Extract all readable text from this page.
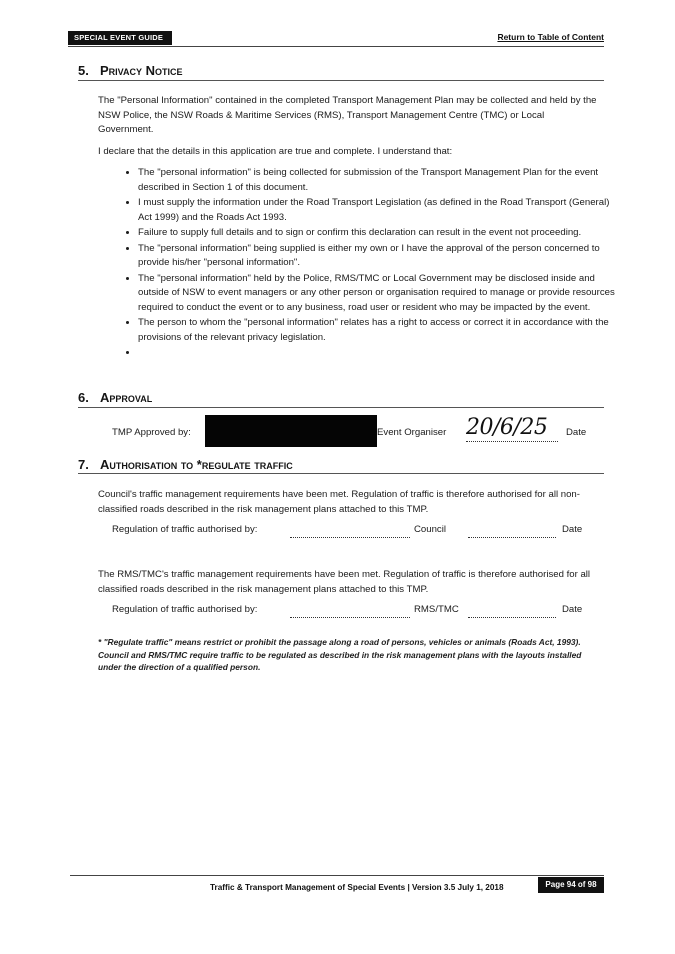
SPECIAL EVENT GUIDE	Return to Table of Content
5. Privacy Notice
The "Personal Information" contained in the completed Transport Management Plan may be collected and held by the NSW Police, the NSW Roads & Maritime Services (RMS), Transport Management Centre (TMC) or Local Government.
I declare that the details in this application are true and complete. I understand that:
• The "personal information" is being collected for submission of the Transport Management Plan for the event described in Section 1 of this document.
• I must supply the information under the Road Transport Legislation (as defined in the Road Transport (General) Act 1999) and the Roads Act 1993.
• Failure to supply full details and to sign or confirm this declaration can result in the event not proceeding.
• The "personal information" being supplied is either my own or I have the approval of the person concerned to provide his/her "personal information".
• The "personal information" held by the Police, RMS/TMC or Local Government may be disclosed inside and outside of NSW to event managers or any other person or organisation required to manage or provide resources required to conduct the event or to any business, road user or resident who may be impacted by the event.
• The person to whom the "personal information" relates has a right to access or correct it in accordance with the provisions of the relevant privacy legislation.
•
6. Approval
TMP Approved by:	Event Organiser 20/6/25 Date
7. Authorisation to *regulate traffic
Council's traffic management requirements have been met. Regulation of traffic is therefore authorised for all non-classified roads described in the risk management plans attached to this TMP.
Regulation of traffic authorised by:	Council	Date
The RMS/TMC's traffic management requirements have been met. Regulation of traffic is therefore authorised for all classified roads described in the risk management plans attached to this TMP.
Regulation of traffic authorised by:	RMS/TMC	Date
* "Regulate traffic" means restrict or prohibit the passage along a road of persons, vehicles or animals (Roads Act, 1993). Council and RMS/TMC require traffic to be regulated as described in the risk management plans with the layouts installed under the direction of a qualified person.
Traffic & Transport Management of Special Events | Version 3.5 July 1, 2018	Page 94 of 98
